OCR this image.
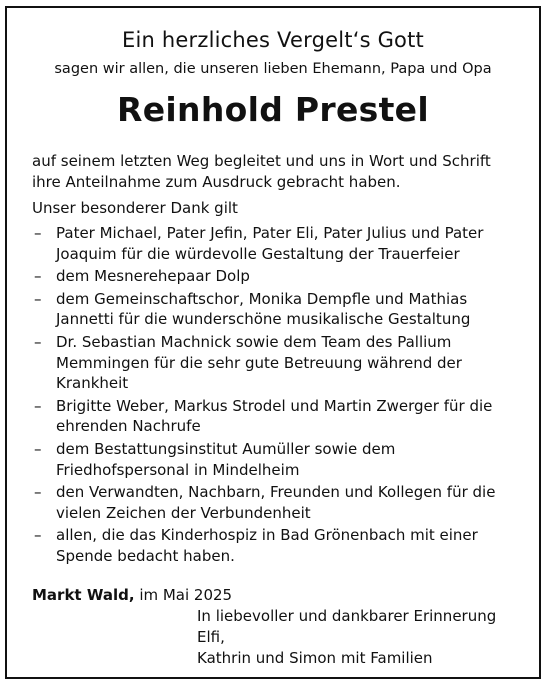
Ein herzliches Vergelt‘s Gott
sagen wir allen, die unseren lieben Ehemann, Papa und Opa
Reinhold Prestel
auf seinem letzten Weg begleitet und uns in Wort und Schrift ihre Anteilnahme zum Ausdruck gebracht haben.
Unser besonderer Dank gilt
– Pater Michael, Pater Jefin, Pater Eli, Pater Julius und Pater Joaquim für die würdevolle Gestaltung der Trauerfeier
– dem Mesnerehepaar Dolp
– dem Gemeinschaftschor, Monika Dempfle und Mathias Jannetti für die wunderschöne musikalische Gestaltung
– Dr. Sebastian Machnick sowie dem Team des Pallium Memmingen für die sehr gute Betreuung während der Krankheit
– Brigitte Weber, Markus Strodel und Martin Zwerger für die ehrenden Nachrufe
– dem Bestattungsinstitut Aumüller sowie dem Friedhofspersonal in Mindelheim
– den Verwandten, Nachbarn, Freunden und Kollegen für die vielen Zeichen der Verbundenheit
– allen, die das Kinderhospiz in Bad Grönenbach mit einer Spende bedacht haben.
Markt Wald, im Mai 2025
In liebevoller und dankbarer Erinnerung
Elfi,
Kathrin und Simon mit Familien
